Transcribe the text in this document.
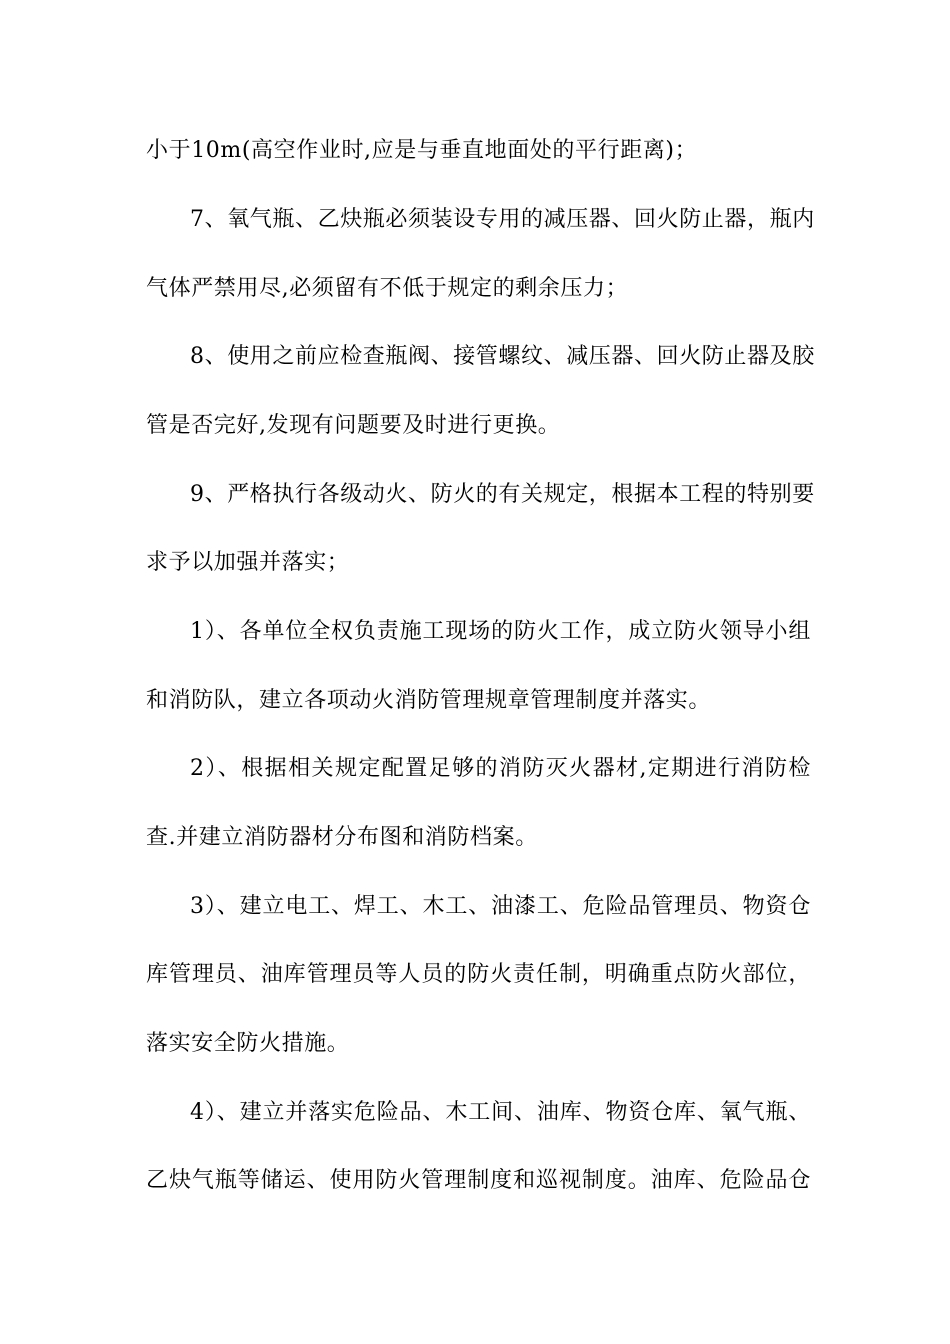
小于10m(高空作业时,应是与垂直地面处的平行距离)；
7、氧气瓶、乙炔瓶必须装设专用的减压器、回火防止器，瓶内
气体严禁用尽,必须留有不低于规定的剩余压力；
8、使用之前应检查瓶阀、接管螺纹、减压器、回火防止器及胶
管是否完好,发现有问题要及时进行更换。
9、严格执行各级动火、防火的有关规定，根据本工程的特别要
求予以加强并落实；
1）、各单位全权负责施工现场的防火工作，成立防火领导小组
和消防队，建立各项动火消防管理规章管理制度并落实。
2）、根据相关规定配置足够的消防灭火器材,定期进行消防检
查.并建立消防器材分布图和消防档案。
3）、建立电工、焊工、木工、油漆工、危险品管理员、物资仓
库管理员、油库管理员等人员的防火责任制，明确重点防火部位，
落实安全防火措施。
4）、建立并落实危险品、木工间、油库、物资仓库、氧气瓶、
乙炔气瓶等储运、使用防火管理制度和巡视制度。油库、危险品仓
